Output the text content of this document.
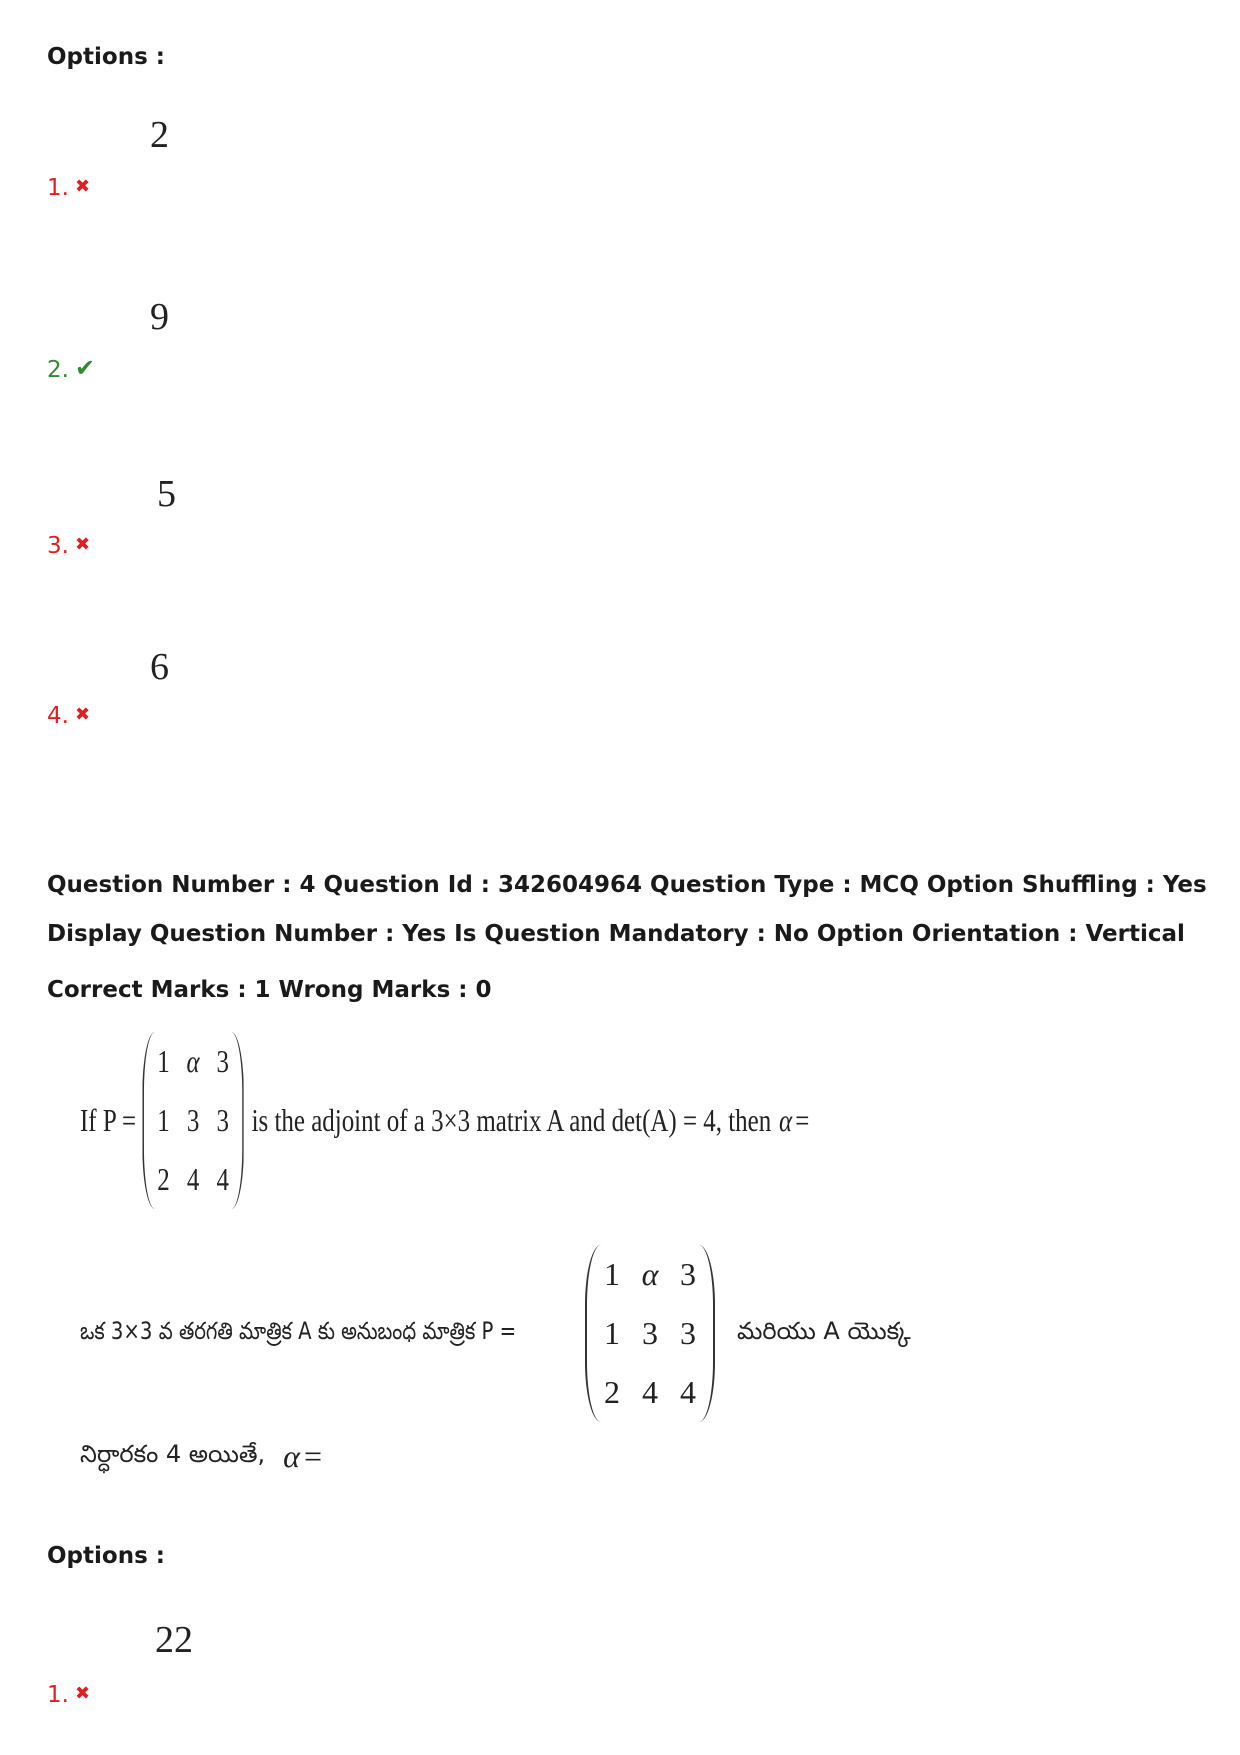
Options :
2
1. ✖
9
2. ✔
5
3. ✖
6
4. ✖
Question Number : 4 Question Id : 342604964 Question Type : MCQ Option Shuffling : Yes
Display Question Number : Yes Is Question Mandatory : No Option Orientation : Vertical
Correct Marks : 1 Wrong Marks : 0
If P =
1 α 3
1 3 3
2 4 4
is the adjoint of a 3×3 matrix A and det(A) = 4, then α =
ఒక 3×3 వ తరగతి మాత్రిక A కు అనుబంధ మాత్రిక P =
1 α 3
1 3 3
2 4 4
మరియు A యొక్క
నిర్ధారకం 4 అయితే, α =
Options :
22
1. ✖
